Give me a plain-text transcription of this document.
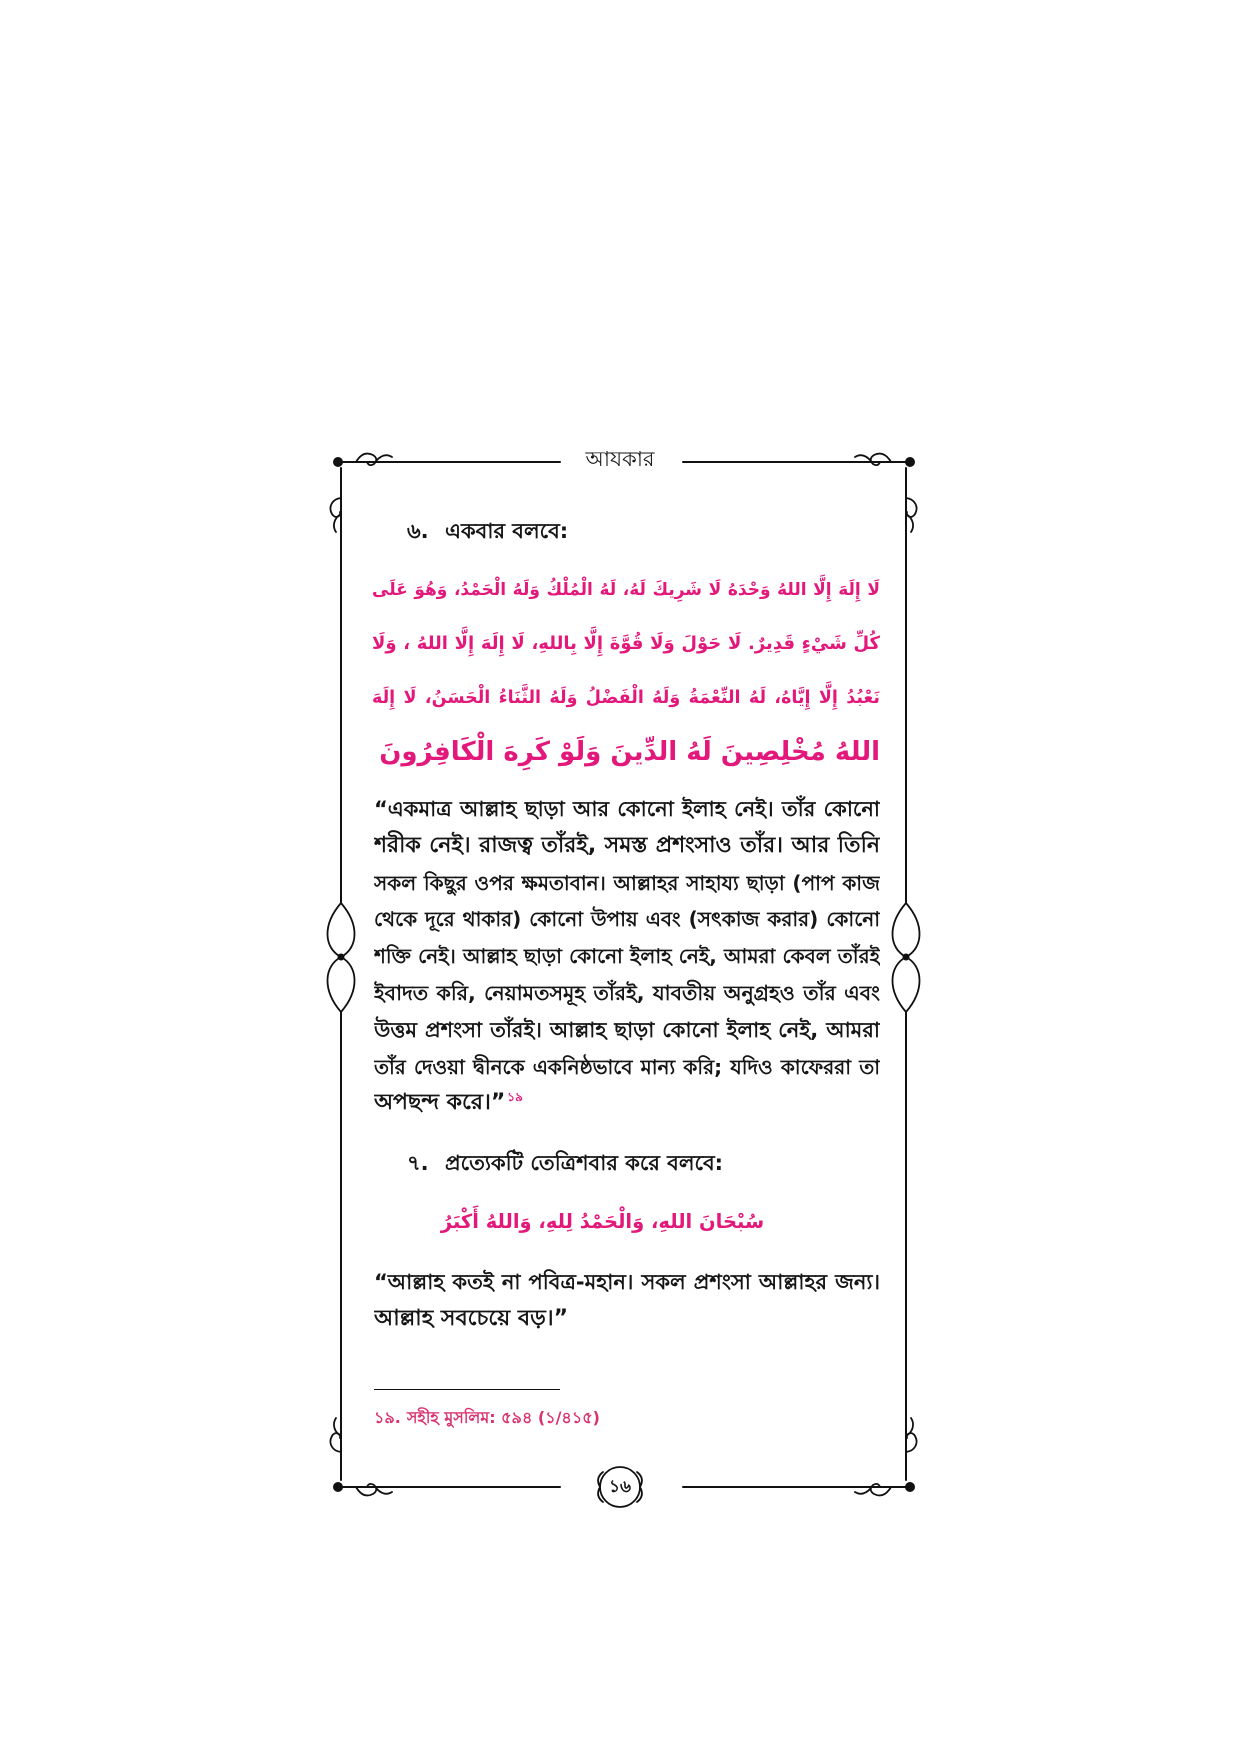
আযকার
৬. একবার বলবে:
لَا إِلَهَ إِلَّا اللهُ وَحْدَهُ لَا شَرِيكَ لَهُ، لَهُ الْمُلْكُ وَلَهُ الْحَمْدُ، وَهُوَ عَلَى
كُلِّ شَيْءٍ قَدِيرٌ. لَا حَوْلَ وَلَا قُوَّةَ إِلَّا بِاللهِ، لَا إِلَهَ إِلَّا اللهُ ، وَلَا
نَعْبُدُ إِلَّا إِيَّاهُ، لَهُ النِّعْمَةُ وَلَهُ الْفَضْلُ وَلَهُ الثَّنَاءُ الْحَسَنُ، لَا إِلَهَ
اللهُ مُخْلِصِينَ لَهُ الدِّينَ وَلَوْ كَرِهَ الْكَافِرُونَ
“একমাত্র আল্লাহ ছাড়া আর কোনো ইলাহ নেই। তাঁর কোনো
শরীক নেই। রাজত্ব তাঁরই, সমস্ত প্রশংসাও তাঁর। আর তিনি
সকল কিছুর ওপর ক্ষমতাবান। আল্লাহর সাহায্য ছাড়া (পাপ কাজ
থেকে দূরে থাকার) কোনো উপায় এবং (সৎকাজ করার) কোনো
শক্তি নেই। আল্লাহ ছাড়া কোনো ইলাহ নেই, আমরা কেবল তাঁরই
ইবাদত করি, নেয়ামতসমূহ তাঁরই, যাবতীয় অনুগ্রহও তাঁর এবং
উত্তম প্রশংসা তাঁরই। আল্লাহ ছাড়া কোনো ইলাহ নেই, আমরা
তাঁর দেওয়া দ্বীনকে একনিষ্ঠভাবে মান্য করি; যদিও কাফেররা তা
অপছন্দ করে।” $^{১৯}$
৭. প্রত্যেকটি তেত্রিশবার করে বলবে:
سُبْحَانَ اللهِ، وَالْحَمْدُ لِلهِ، وَاللهُ أَكْبَرُ
“আল্লাহ কতই না পবিত্র-মহান। সকল প্রশংসা আল্লাহর জন্য।
আল্লাহ সবচেয়ে বড়।”
১৯. সহীহ মুসলিম: ৫৯৪ (১/৪১৫)
১৬
